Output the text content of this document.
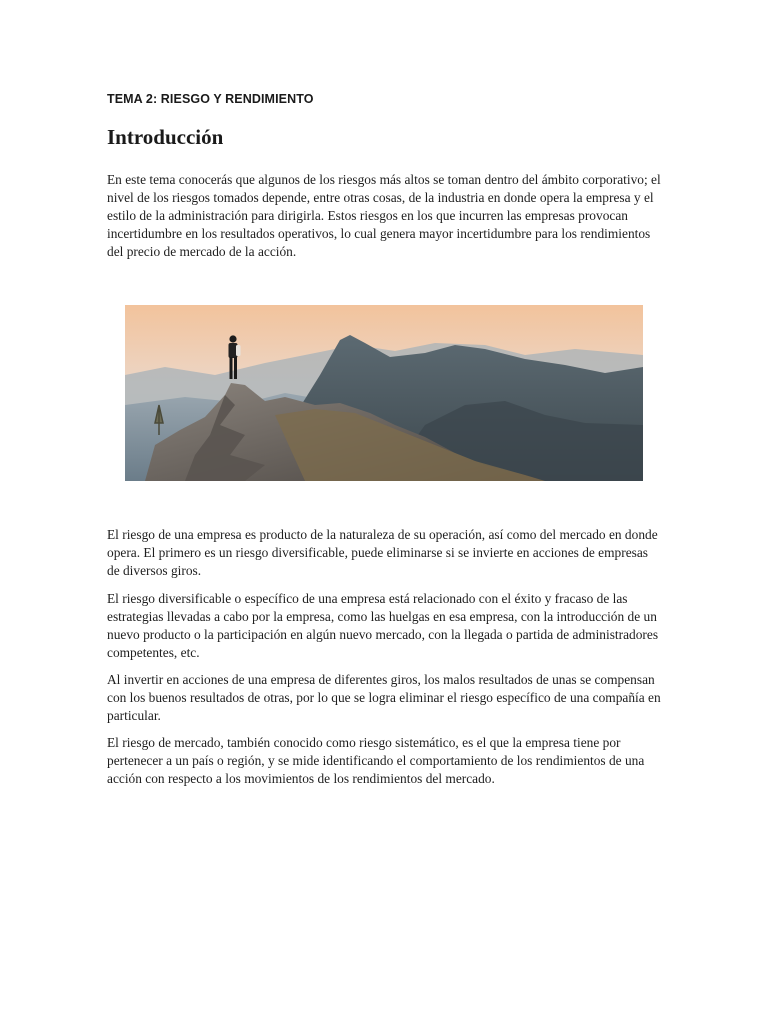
TEMA 2: RIESGO Y RENDIMIENTO

Introducción

En este tema conocerás que algunos de los riesgos más altos se toman dentro del ámbito corporativo; el nivel de los riesgos tomados depende, entre otras cosas, de la industria en donde opera la empresa y el estilo de la administración para dirigirla. Estos riesgos en los que incurren las empresas provocan incertidumbre en los resultados operativos, lo cual genera mayor incertidumbre para los rendimientos del precio de mercado de la acción.

El riesgo de una empresa es producto de la naturaleza de su operación, así como del mercado en donde opera. El primero es un riesgo diversificable, puede eliminarse si se invierte en acciones de empresas de diversos giros.

El riesgo diversificable o específico de una empresa está relacionado con el éxito y fracaso de las estrategias llevadas a cabo por la empresa, como las huelgas en esa empresa, con la introducción de un nuevo producto o la participación en algún nuevo mercado, con la llegada o partida de administradores competentes, etc.

Al invertir en acciones de una empresa de diferentes giros, los malos resultados de unas se compensan con los buenos resultados de otras, por lo que se logra eliminar el riesgo específico de una compañía en particular.

El riesgo de mercado, también conocido como riesgo sistemático, es el que la empresa tiene por pertenecer a un país o región, y se mide identificando el comportamiento de los rendimientos de una acción con respecto a los movimientos de los rendimientos del mercado.
